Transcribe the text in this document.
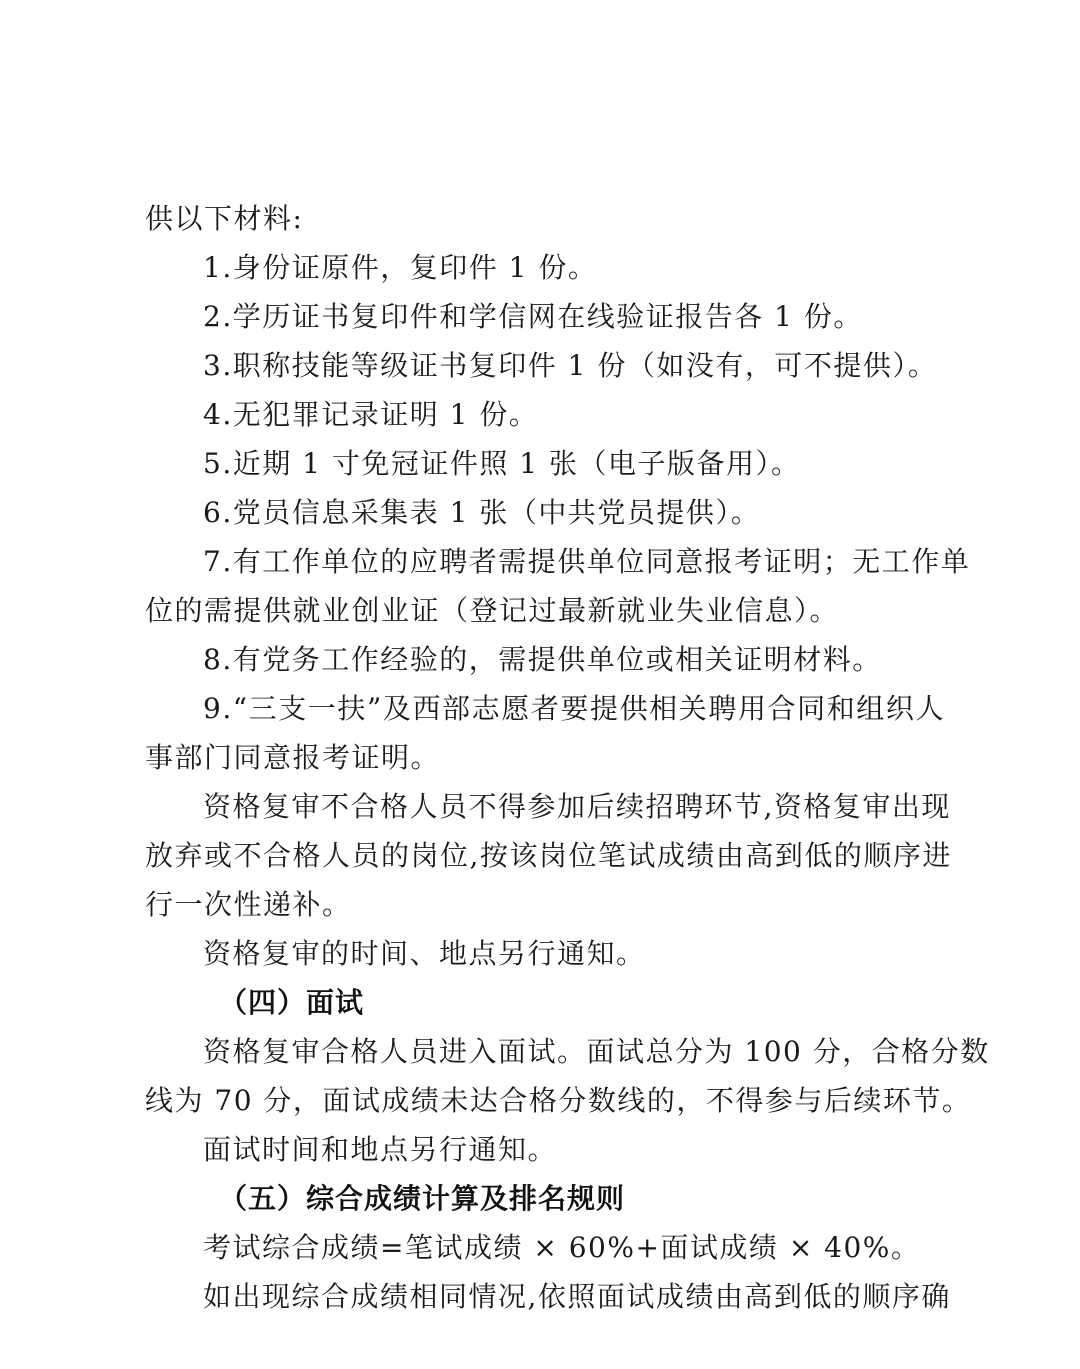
供以下材料:
1.身份证原件，复印件 1 份。
2.学历证书复印件和学信网在线验证报告各 1 份。
3.职称技能等级证书复印件 1 份（如没有，可不提供）。
4.无犯罪记录证明 1 份。
5.近期 1 寸免冠证件照 1 张（电子版备用）。
6.党员信息采集表 1 张（中共党员提供）。
7.有工作单位的应聘者需提供单位同意报考证明；无工作单
位的需提供就业创业证（登记过最新就业失业信息）。
8.有党务工作经验的，需提供单位或相关证明材料。
9.“三支一扶”及西部志愿者要提供相关聘用合同和组织人
事部门同意报考证明。
资格复审不合格人员不得参加后续招聘环节,资格复审出现
放弃或不合格人员的岗位,按该岗位笔试成绩由高到低的顺序进
行一次性递补。
资格复审的时间、地点另行通知。
（四）面试
资格复审合格人员进入面试。面试总分为 100 分，合格分数
线为 70 分，面试成绩未达合格分数线的，不得参与后续环节。
面试时间和地点另行通知。
（五）综合成绩计算及排名规则
考试综合成绩=笔试成绩 × 60%+面试成绩 × 40%。
如出现综合成绩相同情况,依照面试成绩由高到低的顺序确
